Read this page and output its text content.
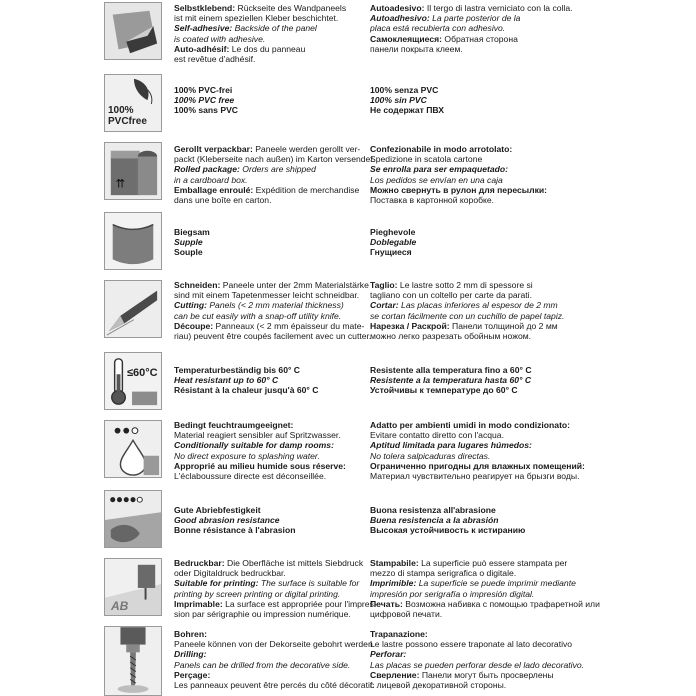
Selbstklebend: Rückseite des Wandpaneels
ist mit einem speziellen Kleber beschichtet.
Self-adhesive: Backside of the panel
is coated with adhesive.
Auto-adhésif: Le dos du panneau
est revêtue d'adhésif.
Autoadesivo: Il tergo di lastra verniciato con la colla.
Autoadhesivo: La parte posterior de la
placa está recubierta con adhesivo.
Самоклеящиеся: Обратная сторона
панели покрыта клеем.
100% PVCfree
100% PVC-frei
100% PVC free
100% sans PVC
100% senza PVC
100% sin PVC
Не содержат ПВХ
⇈
Gerollt verpackbar: Paneele werden gerollt ver-
packt (Kleberseite nach außen) im Karton versendet.
Rolled package: Orders are shipped
in a cardboard box.
Emballage enroulé: Expédition de merchandise
dans une boîte en carton.
Confezionabile in modo arrotolato:
Spedizione in scatola cartone
Se enrolla para ser empaquetado:
Los pedidos se envían en una caja
Можно свернуть в рулон для пересылки:
Поставка в картонной коробке.
Biegsam
Supple
Souple
Pieghevole
Doblegable
Гнущиеся
Schneiden: Paneele unter der 2mm Materialstärke
sind mit einem Tapetenmesser leicht schneidbar.
Cutting: Panels (< 2 mm material thickness)
can be cut easily with a snap-off utility knife.
Découpe: Panneaux (< 2 mm épaisseur du mate-
riau) peuvent être coupés facilement avec un cutter.
Taglio: Le lastre sotto 2 mm di spessore si
tagliano con un coltello per carte da parati.
Cortar: Las placas inferiores al espesor de 2 mm
se cortan fácilmente con un cuchillo de papel tapiz.
Нарезка / Раскрой: Панели толщиной до 2 мм
можно легко разрезать обойным ножом.
≤60°C Temperaturbeständig bis 60° C
Heat resistant up to 60° C
Résistant à la chaleur jusqu'à 60° C
Resistente alla temperatura fino a 60° C
Resistente a la temperatura hasta 60° C
Устойчивы к температуре до 60° С
Bedingt feuchtraumgeeignet:
Material reagiert sensibler auf Spritzwasser.
Conditionally suitable for damp rooms:
No direct exposure to splashing water.
Approprié au milieu humide sous réserve:
L'éclaboussure directe est déconseillée.
Adatto per ambienti umidi in modo condizionato:
Evitare contatto diretto con l'acqua.
Aptitud limitada para lugares húmedos:
No tolera salpicaduras directas.
Ограниченно пригодны для влажных помещений:
Материал чувствительно реагирует на брызги воды.
Gute Abriebfestigkeit
Good abrasion resistance
Bonne résistance à l'abrasion
Buona resistenza all'abrasione
Buena resistencia a la abrasión
Высокая устойчивость к истиранию
AB
Bedruckbar: Die Oberfläche ist mittels Siebdruck
oder Digitaldruck bedruckbar.
Suitable for printing: The surface is suitable for
printing by screen printing or digital printing.
Imprimable: La surface est appropriée pour l'impres-
sion par sérigraphie ou impression numérique.
Stampabile: La superficie può essere stampata per
mezzo di stampa serigrafica o digitale.
Imprimible: La superficie se puede imprimir mediante
impresión por serigrafía o impresión digital.
Печать: Возможна набивка с помощью трафаретной или
цифровой печати.
Bohren:
Paneele können von der Dekorseite gebohrt werden.
Drilling:
Panels can be drilled from the decorative side.
Perçage:
Les panneaux peuvent être percés du côté décoratif.
Trapanazione:
Le lastre possono essere traponate al lato decorativo
Perforar:
Las placas se pueden perforar desde el lado decorativo.
Сверление: Панели могут быть просверлены
с лицевой декоративной стороны.
